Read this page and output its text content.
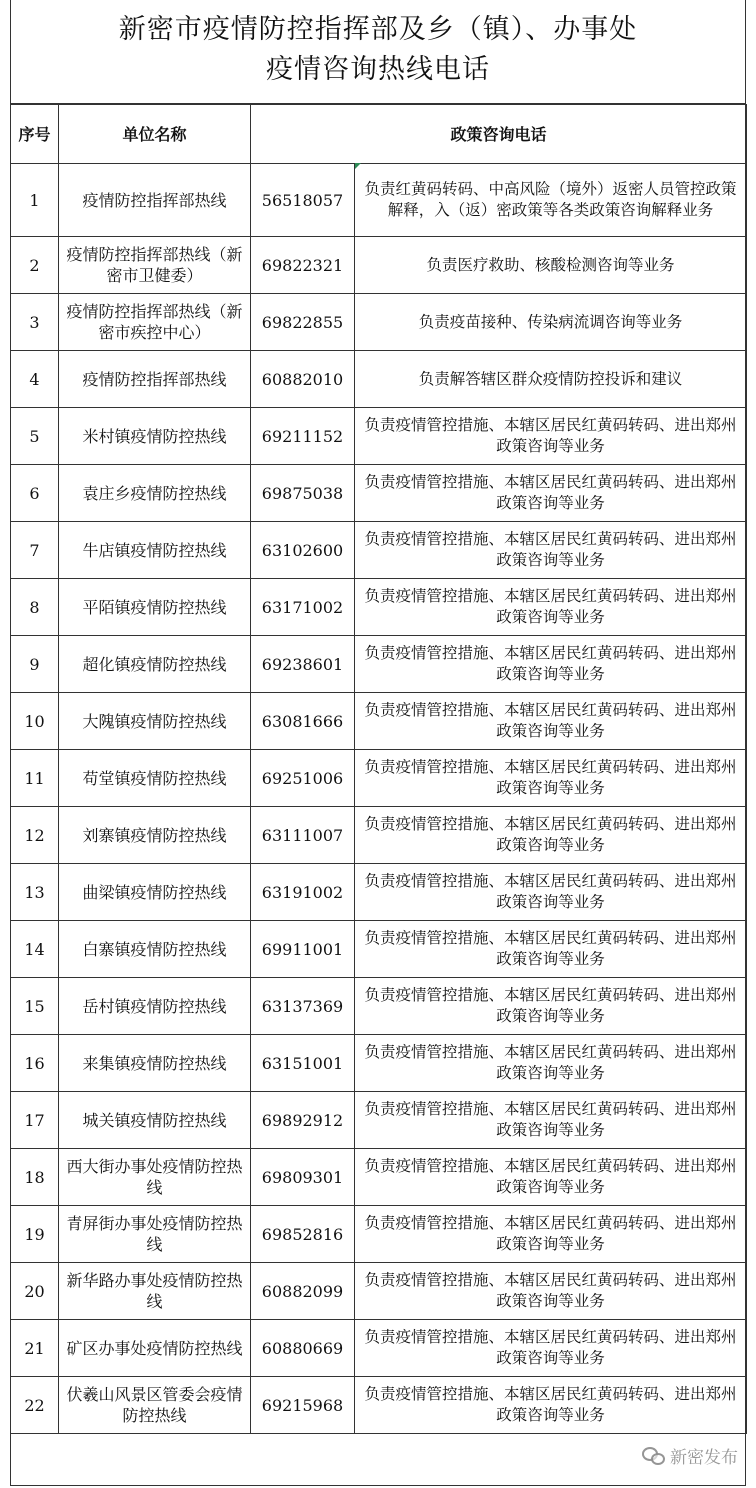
新密市疫情防控指挥部及乡（镇）、办事处
疫情咨询热线电话
序号	单位名称	政策咨询电话	
1	疫情防控指挥部热线	56518057	负责红黄码转码、中高风险（境外）返密人员管控政策解释，入（返）密政策等各类政策咨询解释业务
2	疫情防控指挥部热线（新密市卫健委）	69822321	负责医疗救助、核酸检测咨询等业务
3	疫情防控指挥部热线（新密市疾控中心）	69822855	负责疫苗接种、传染病流调咨询等业务
4	疫情防控指挥部热线	60882010	负责解答辖区群众疫情防控投诉和建议
5	米村镇疫情防控热线	69211152	负责疫情管控措施、本辖区居民红黄码转码、进出郑州政策咨询等业务
6	袁庄乡疫情防控热线	69875038	负责疫情管控措施、本辖区居民红黄码转码、进出郑州政策咨询等业务
7	牛店镇疫情防控热线	63102600	负责疫情管控措施、本辖区居民红黄码转码、进出郑州政策咨询等业务
8	平陌镇疫情防控热线	63171002	负责疫情管控措施、本辖区居民红黄码转码、进出郑州政策咨询等业务
9	超化镇疫情防控热线	69238601	负责疫情管控措施、本辖区居民红黄码转码、进出郑州政策咨询等业务
10	大隗镇疫情防控热线	63081666	负责疫情管控措施、本辖区居民红黄码转码、进出郑州政策咨询等业务
11	苟堂镇疫情防控热线	69251006	负责疫情管控措施、本辖区居民红黄码转码、进出郑州政策咨询等业务
12	刘寨镇疫情防控热线	63111007	负责疫情管控措施、本辖区居民红黄码转码、进出郑州政策咨询等业务
13	曲梁镇疫情防控热线	63191002	负责疫情管控措施、本辖区居民红黄码转码、进出郑州政策咨询等业务
14	白寨镇疫情防控热线	69911001	负责疫情管控措施、本辖区居民红黄码转码、进出郑州政策咨询等业务
15	岳村镇疫情防控热线	63137369	负责疫情管控措施、本辖区居民红黄码转码、进出郑州政策咨询等业务
16	来集镇疫情防控热线	63151001	负责疫情管控措施、本辖区居民红黄码转码、进出郑州政策咨询等业务
17	城关镇疫情防控热线	69892912	负责疫情管控措施、本辖区居民红黄码转码、进出郑州政策咨询等业务
18	西大街办事处疫情防控热线	69809301	负责疫情管控措施、本辖区居民红黄码转码、进出郑州政策咨询等业务
19	青屏街办事处疫情防控热线	69852816	负责疫情管控措施、本辖区居民红黄码转码、进出郑州政策咨询等业务
20	新华路办事处疫情防控热线	60882099	负责疫情管控措施、本辖区居民红黄码转码、进出郑州政策咨询等业务
21	矿区办事处疫情防控热线	60880669	负责疫情管控措施、本辖区居民红黄码转码、进出郑州政策咨询等业务
22	伏羲山风景区管委会疫情防控热线	69215968	负责疫情管控措施、本辖区居民红黄码转码、进出郑州政策咨询等业务
新密发布
